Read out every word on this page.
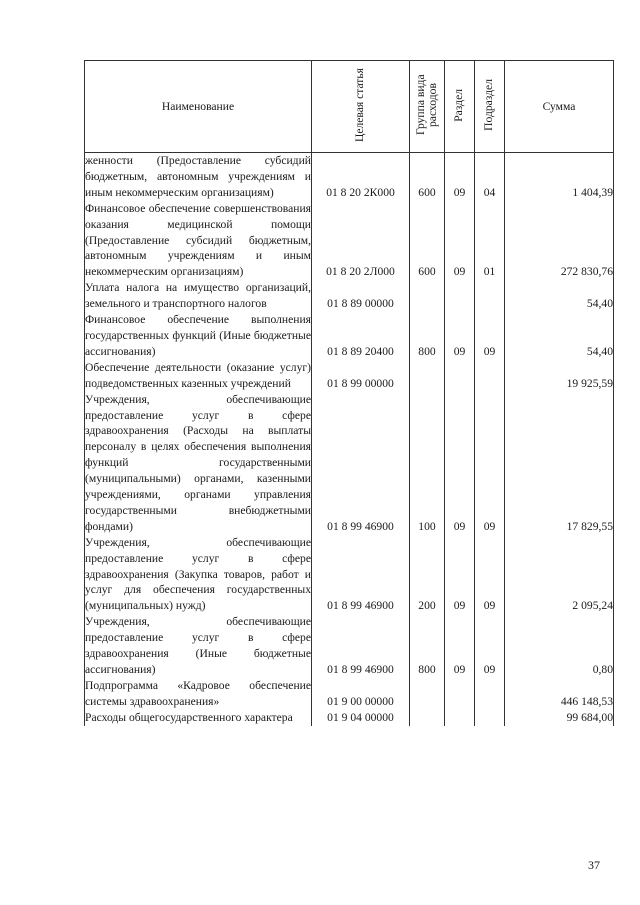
Наименование	Целевая статья	Группа вида расходов	Раздел	Подраздел	Сумма
женности (Предоставление субсидий бюджетным, автономным учреждениям и иным некоммерческим организациям)	01 8 20 2К000	600	09	04	1 404,39
Финансовое обеспечение совершенствования оказания медицинской помощи (Предоставление субсидий бюджетным, автономным учреждениям и иным некоммерческим организациям)	01 8 20 2Л000	600	09	01	272 830,76
Уплата налога на имущество организаций, земельного и транспортного налогов	01 8 89 00000				54,40
Финансовое обеспечение выполнения государственных функций (Иные бюджетные ассигнования)	01 8 89 20400	800	09	09	54,40
Обеспечение деятельности (оказание услуг) подведомственных казенных учреждений	01 8 99 00000				19 925,59
Учреждения, обеспечивающие предоставление услуг в сфере здравоохранения (Расходы на выплаты персоналу в целях обеспечения выполнения функций государственными (муниципальными) органами, казенными учреждениями, органами управления государственными внебюджетными фондами)	01 8 99 46900	100	09	09	17 829,55
Учреждения, обеспечивающие предоставление услуг в сфере здравоохранения (Закупка товаров, работ и услуг для обеспечения государственных (муниципальных) нужд)	01 8 99 46900	200	09	09	2 095,24
Учреждения, обеспечивающие предоставление услуг в сфере здравоохранения (Иные бюджетные ассигнования)	01 8 99 46900	800	09	09	0,80
Подпрограмма «Кадровое обеспечение системы здравоохранения»	01 9 00 00000				446 148,53
Расходы общегосударственного характера	01 9 04 00000				99 684,00
37
